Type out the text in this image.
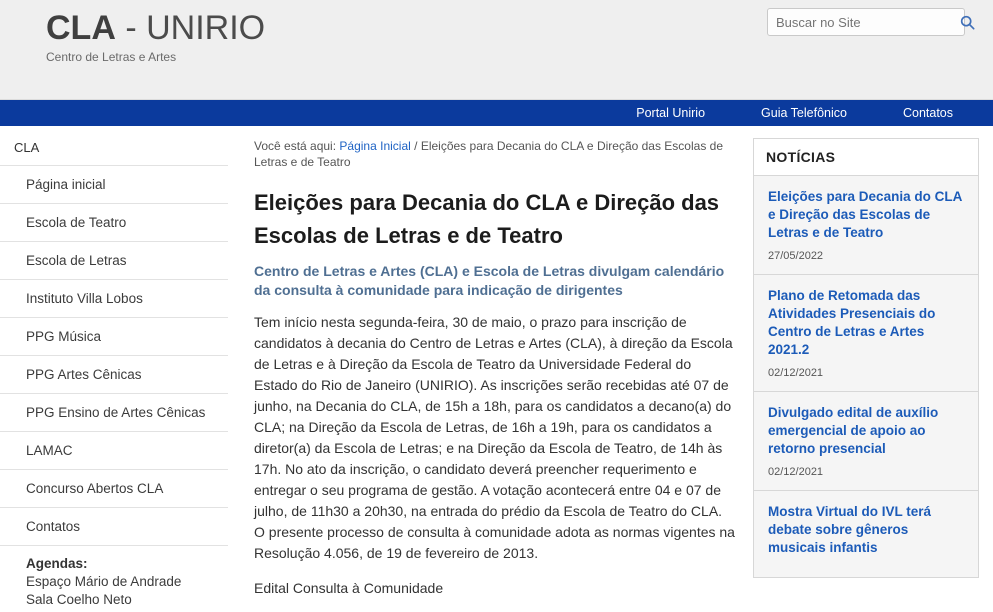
CLA - UNIRIO
Centro de Letras e Artes
Buscar no Site
Portal Unirio	Guia Telefônico	Contatos
CLA
Página inicial
Escola de Teatro
Escola de Letras
Instituto Villa Lobos
PPG Música
PPG Artes Cênicas
PPG Ensino de Artes Cênicas
LAMAC
Concurso Abertos CLA
Contatos
Agendas:
Espaço Mário de Andrade
Sala Coelho Neto
Você está aqui: Página Inicial / Eleições para Decania do CLA e Direção das Escolas de Letras e de Teatro
Eleições para Decania do CLA e Direção das Escolas de Letras e de Teatro

Centro de Letras e Artes (CLA) e Escola de Letras divulgam calendário da consulta à comunidade para indicação de dirigentes

Tem início nesta segunda-feira, 30 de maio, o prazo para inscrição de candidatos à decania do Centro de Letras e Artes (CLA), à direção da Escola de Letras e à Direção da Escola de Teatro da Universidade Federal do Estado do Rio de Janeiro (UNIRIO). As inscrições serão recebidas até 07 de junho, na Decania do CLA, de 15h a 18h, para os candidatos a decano(a) do CLA; na Direção da Escola de Letras, de 16h a 19h, para os candidatos a diretor(a) da Escola de Letras; e na Direção da Escola de Teatro, de 14h às 17h. No ato da inscrição, o candidato deverá preencher requerimento e entregar o seu programa de gestão. A votação acontecerá entre 04 e 07 de julho, de 11h30 a 20h30, na entrada do prédio da Escola de Teatro do CLA. O presente processo de consulta à comunidade adota as normas vigentes na Resolução 4.056, de 19 de fevereiro de 2013.

Edital Consulta à Comunidade
NOTÍCIAS
Eleições para Decania do CLA e Direção das Escolas de Letras e de Teatro
27/05/2022
Plano de Retomada das Atividades Presenciais do Centro de Letras e Artes 2021.2
02/12/2021
Divulgado edital de auxílio emergencial de apoio ao retorno presencial
02/12/2021
Mostra Virtual do IVL terá debate sobre gêneros musicais infantis
